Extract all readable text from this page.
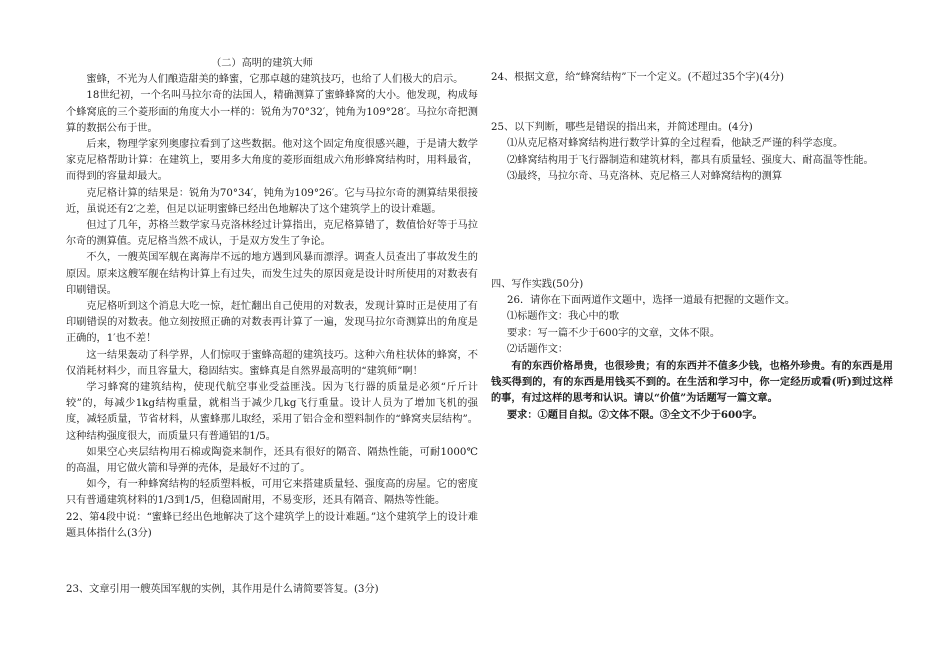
（二）高明的建筑大师

蜜蜂，不光为人们酿造甜美的蜂蜜，它那卓越的建筑技巧，也给了人们极大的启示。

18世纪初，一个名叫马拉尔奇的法国人，精确测算了蜜蜂蜂窝的大小。他发现，构成每个蜂窝底的三个菱形面的角度大小一样的：锐角为70°32′，钝角为109°28′。马拉尔奇把测算的数据公布于世。

后来，物理学家列奥廖拉看到了这些数据。他对这个固定角度很感兴趣，于是请大数学家克尼格帮助计算：在建筑上，要用多大角度的菱形面组成六角形蜂窝结构时，用料最省，而得到的容量却最大。

克尼格计算的结果是：锐角为70°34′，钝角为109°26′。它与马拉尔奇的测算结果很接近，虽说还有2′之差，但足以证明蜜蜂已经出色地解决了这个建筑学上的设计难题。

但过了几年，苏格兰数学家马克洛林经过计算指出，克尼格算错了，数值恰好等于马拉尔奇的测算值。克尼格当然不成认，于是双方发生了争论。

不久，一艘英国军舰在离海岸不远的地方遇到风暴而漂浮。调查人员查出了事故发生的原因。原来这艘军舰在结构计算上有过失，而发生过失的原因竟是设计时所使用的对数表有印刷错误。

克尼格听到这个消息大吃一惊，赶忙翻出自己使用的对数表，发现计算时正是使用了有印刷错误的对数表。他立刻按照正确的对数表再计算了一遍，发现马拉尔奇测算出的角度是正确的，1′也不差！

这一结果轰动了科学界，人们惊叹于蜜蜂高超的建筑技巧。这种六角柱状体的蜂窝，不仅消耗材料少，而且容量大，稳固结实。蜜蜂真是自然界最高明的“建筑师”啊！

学习蜂窝的建筑结构，使现代航空事业受益匪浅。因为飞行器的质量是必须“斤斤计较”的，每减少1kg结构重量，就相当于减少几kg飞行重量。设计人员为了增加飞机的强度，减轻质量，节省材料，从蜜蜂那儿取经，采用了铝合金和塑料制作的“蜂窝夹层结构”。这种结构强度很大，而质量只有普通铝的1/5。

如果空心夹层结构用石棉或陶瓷来制作，还具有很好的隔音、隔热性能，可耐1000℃的高温，用它做火箭和导弹的壳体，是最好不过的了。

如今，有一种蜂窝结构的轻质塑料板，可用它来搭建质量轻、强度高的房屋。它的密度只有普通建筑材料的1/3到1/5，但稳固耐用，不易变形，还具有隔音、隔热等性能。

22、第4段中说：“蜜蜂已经出色地解决了这个建筑学上的设计难题。”这个建筑学上的设计难题具体指什么(3分)

23、文章引用一艘英国军舰的实例，其作用是什么请简要答复。(3分)

24、根据文意，给“蜂窝结构”下一个定义。(不超过35个字)(4分)

25、以下判断，哪些是错误的指出来，并简述理由。(4分)

⑴从克尼格对蜂窝结构进行数学计算的全过程看，他缺乏严谨的科学态度。

⑵蜂窝结构用于飞行器制造和建筑材料，都具有质量轻、强度大、耐高温等性能。

⑶最终，马拉尔奇、马克洛林、克尼格三人对蜂窝结构的测算

四、写作实践(50分)

26．请你在下面两道作文题中，选择一道最有把握的文题作文。

⑴标题作文：我心中的歌

要求：写一篇不少于600字的文章，文体不限。

⑵话题作文：

有的东西价格昂贵，也很珍贵；有的东西并不值多少钱，也格外珍贵。有的东西是用钱买得到的，有的东西是用钱买不到的。在生活和学习中，你一定经历或看(听)到过这样的事，有过这样的思考和认识。请以“价值”为话题写一篇文章。

要求：①题目自拟。②文体不限。③全文不少于600字。
